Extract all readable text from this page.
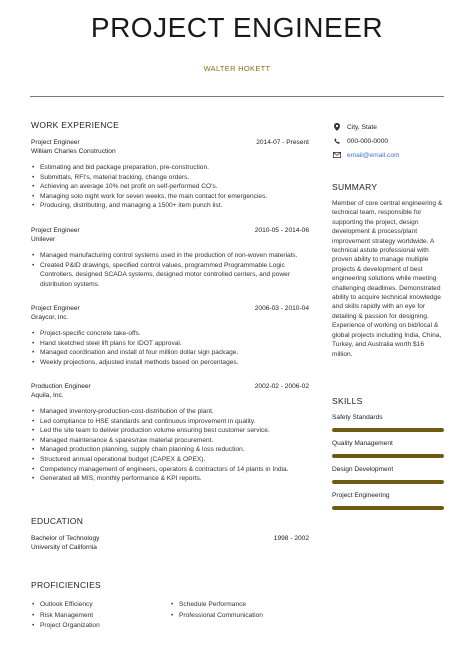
PROJECT ENGINEER
WALTER HOKETT
WORK EXPERIENCE
Project Engineer	2014-07 - Present
William Charles Construction
• Estimating and bid package preparation, pre-construction.
• Submittals, RFI's, material tracking, change orders.
• Achieving an average 10% net profit on self-performed CO's.
• Managing solo night work for seven weeks, the main contact for emergencies.
• Producing, distributing, and managing a 1500+ item punch list.
Project Engineer	2010-05 - 2014-06
Unilever
• Managed manufacturing control systems used in the production of non-woven materials.
• Created P&ID drawings, specified control values, programmed Programmable Logic Controllers, designed SCADA systems, designed motor controlled centers, and power distribution systems.
Project Engineer	2006-03 - 2010-04
Graycor, Inc.
• Project-specific concrete take-offs.
• Hand sketched steel lift plans for IDOT approval.
• Managed coordination and install of four million dollar sign package.
• Weekly projections, adjusted install methods based on percentages.
Production Engineer	2002-02 - 2006-02
Aquila, Inc.
• Managed inventory-production-cost-distribution of the plant.
• Led compliance to HSE standards and continuous improvement in quality.
• Led the site team to deliver production volume ensuring best customer service.
• Managed maintenance & spares/raw material procurement.
• Managed production planning, supply chain planning & loss reduction.
• Structured annual operational budget (CAPEX & OPEX).
• Competency management of engineers, operators & contractors of 14 plants in India.
• Generated all MIS, monthly performance & KPI reports.
EDUCATION
Bachelor of Technology	1998 - 2002
University of California
PROFICIENCIES
• Outlook Efficiency
• Risk Management
• Project Organization
• Schedule Performance
• Professional Communication
City, State
000-000-0000
email@email.com
SUMMARY

Member of core central engineering & technical team, responsible for supporting the project, design development & process/plant improvement strategy worldwide. A technical astute professional with proven ability to manage multiple projects & development of best engineering solutions while meeting challenging deadlines. Demonstrated ability to acquire technical knowledge and skills rapidly with an eye for detailing & passion for designing. Experience of working on bid/local & global projects including India, China, Turkey, and Australia worth $16 million.

SKILLS
Safety Standards
Quality Management
Design Development
Project Engineering
